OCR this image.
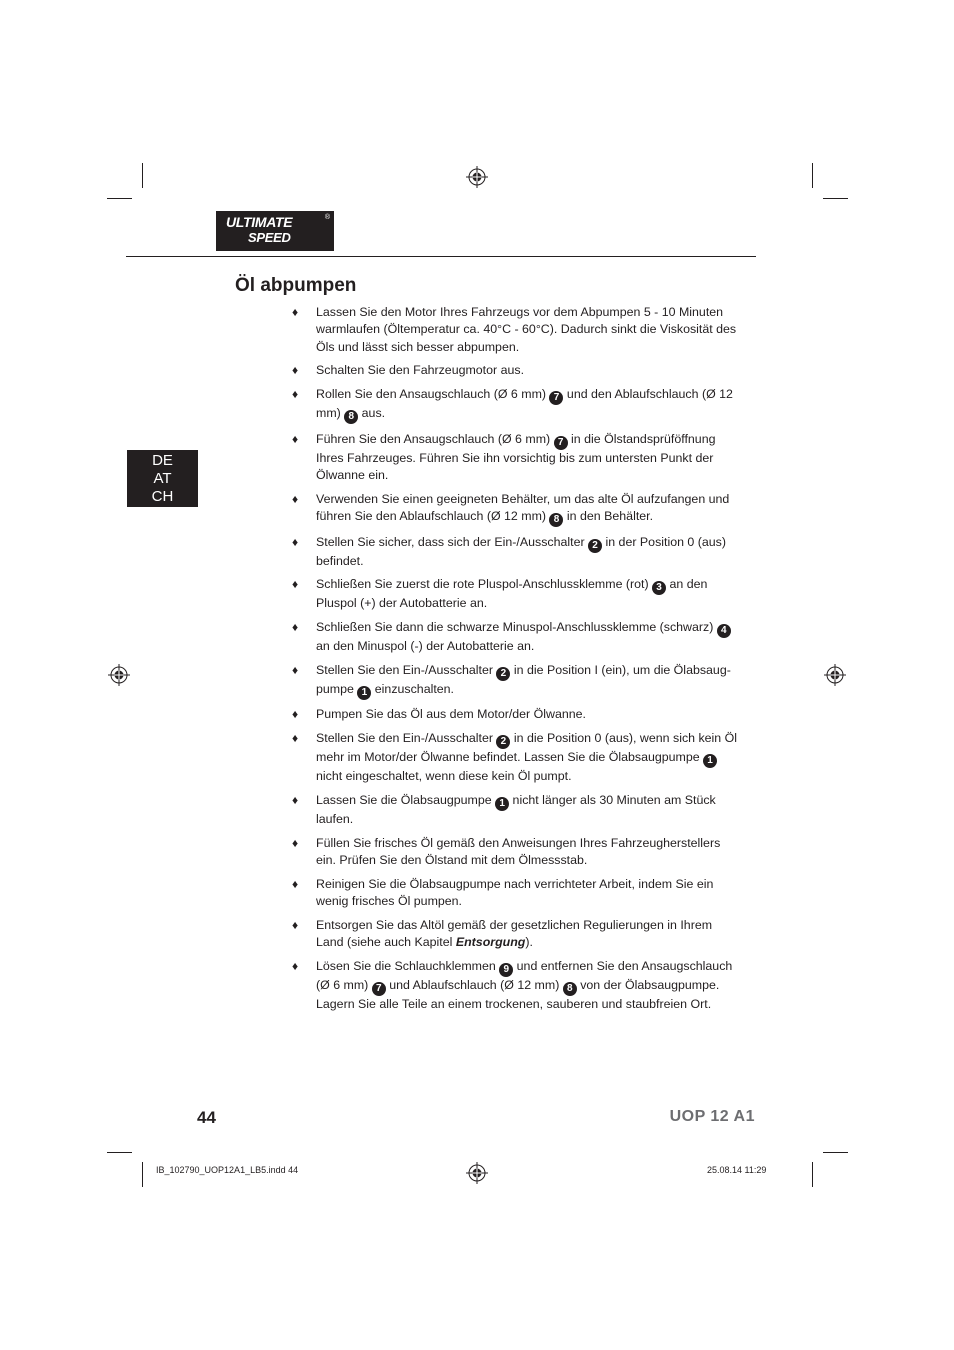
ULTIMATE
SPEED
®
Öl abpumpen
DE
AT
CH
♦ Lassen Sie den Motor Ihres Fahrzeugs vor dem Abpumpen 5 - 10 Minuten warmlaufen (Öltemperatur ca. 40°C - 60°C). Dadurch sinkt die Viskosität des Öls und lässt sich besser abpumpen.
♦ Schalten Sie den Fahrzeugmotor aus.
♦ Rollen Sie den Ansaugschlauch (Ø 6 mm) 7 und den Ablaufschlauch (Ø 12 mm) 8 aus.
♦ Führen Sie den Ansaugschlauch (Ø 6 mm) 7 in die Ölstandsprüföffnung Ihres Fahrzeuges. Führen Sie ihn vorsichtig bis zum untersten Punkt der Ölwanne ein.
♦ Verwenden Sie einen geeigneten Behälter, um das alte Öl aufzufangen und führen Sie den Ablaufschlauch (Ø 12 mm) 8 in den Behälter.
♦ Stellen Sie sicher, dass sich der Ein-/Ausschalter 2 in der Position 0 (aus) befindet.
♦ Schließen Sie zuerst die rote Pluspol-Anschlussklemme (rot) 3 an den Pluspol (+) der Autobatterie an.
♦ Schließen Sie dann die schwarze Minuspol-Anschlussklemme (schwarz) 4 an den Minuspol (-) der Autobatterie an.
♦ Stellen Sie den Ein-/Ausschalter 2 in die Position I (ein), um die Ölabsaug-pumpe 1 einzuschalten.
♦ Pumpen Sie das Öl aus dem Motor/der Ölwanne.
♦ Stellen Sie den Ein-/Ausschalter 2 in die Position 0 (aus), wenn sich kein Öl mehr im Motor/der Ölwanne befindet. Lassen Sie die Ölabsaugpumpe 1 nicht eingeschaltet, wenn diese kein Öl pumpt.
♦ Lassen Sie die Ölabsaugpumpe 1 nicht länger als 30 Minuten am Stück laufen.
♦ Füllen Sie frisches Öl gemäß den Anweisungen Ihres Fahrzeugherstellers ein. Prüfen Sie den Ölstand mit dem Ölmessstab.
♦ Reinigen Sie die Ölabsaugpumpe nach verrichteter Arbeit, indem Sie ein wenig frisches Öl pumpen.
♦ Entsorgen Sie das Altöl gemäß der gesetzlichen Regulierungen in Ihrem Land (siehe auch Kapitel Entsorgung).
♦ Lösen Sie die Schlauchklemmen 9 und entfernen Sie den Ansaugschlauch (Ø 6 mm) 7 und Ablaufschlauch (Ø 12 mm) 8 von der Ölabsaugpumpe. Lagern Sie alle Teile an einem trockenen, sauberen und staubfreien Ort.
44	UOP 12 A1
IB_102790_UOP12A1_LB5.indd 44	25.08.14 11:29
